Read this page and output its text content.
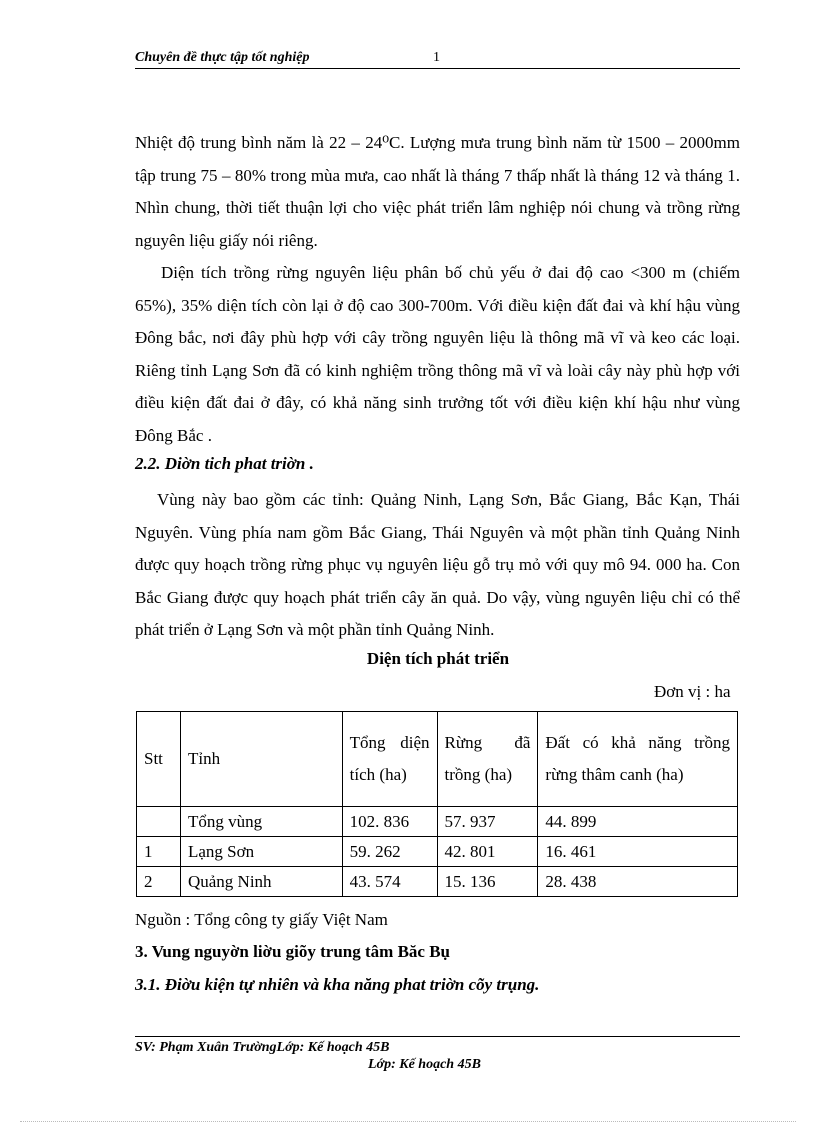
Chuyên đề thực tập tốt nghiệp	1

Nhiệt độ trung bình năm là 22 – 24⁰C. Lượng mưa trung bình năm từ 1500 – 2000mm tập trung 75 – 80% trong mùa mưa, cao nhất là tháng 7 thấp nhất là tháng 12 và tháng 1. Nhìn chung, thời tiết thuận lợi cho việc phát triển lâm nghiệp nói chung và trồng rừng nguyên liệu giấy nói riêng.

Diện tích trồng rừng nguyên liệu phân bố chủ yếu ở đai độ cao <300 m (chiếm 65%), 35% diện tích còn lại ở độ cao 300-700m. Với điều kiện đất đai và khí hậu vùng Đông bắc, nơi đây phù hợp với cây trồng nguyên liệu là thông mã vĩ và keo các loại. Riêng tỉnh Lạng Sơn đã có kinh nghiệm trồng thông mã vĩ và loài cây này phù hợp với điều kiện đất đai ở đây, có khả năng sinh trưởng tốt với điều kiện khí hậu như vùng Đông Bắc .

2.2. Diờn tich phat triờn .

Vùng này bao gồm các tỉnh: Quảng Ninh, Lạng Sơn, Bắc Giang, Bắc Kạn, Thái Nguyên. Vùng phía nam gồm Bắc Giang, Thái Nguyên và một phần tỉnh Quảng Ninh được quy hoạch trồng rừng phục vụ nguyên liệu gỗ trụ mỏ với quy mô 94. 000 ha. Con Bắc Giang được quy hoạch phát triển cây ăn quả. Do vậy, vùng nguyên liệu chỉ có thể phát triển ở Lạng Sơn và một phần tỉnh Quảng Ninh.

Diện tích phát triển
Đơn vị : ha
Stt	Tỉnh	Tổng diện tích (ha)	Rừng đã trồng (ha)	Đất có khả năng trồng rừng thâm canh (ha)
	Tổng vùng	102. 836	57. 937	44. 899
1	Lạng Sơn	59. 262	42. 801	16. 461
2	Quảng Ninh	43. 574	15. 136	28. 438
Nguồn : Tổng công ty giấy Việt Nam
3. Vung nguyờn liờu giõy trung tâm Băc Bụ
3.1. Điờu kiện tự nhiên và kha năng phat triờn cõy trụng.
SV: Phạm Xuân TrườngLớp: Kế hoạch 45B
Lớp: Kế hoạch 45B
